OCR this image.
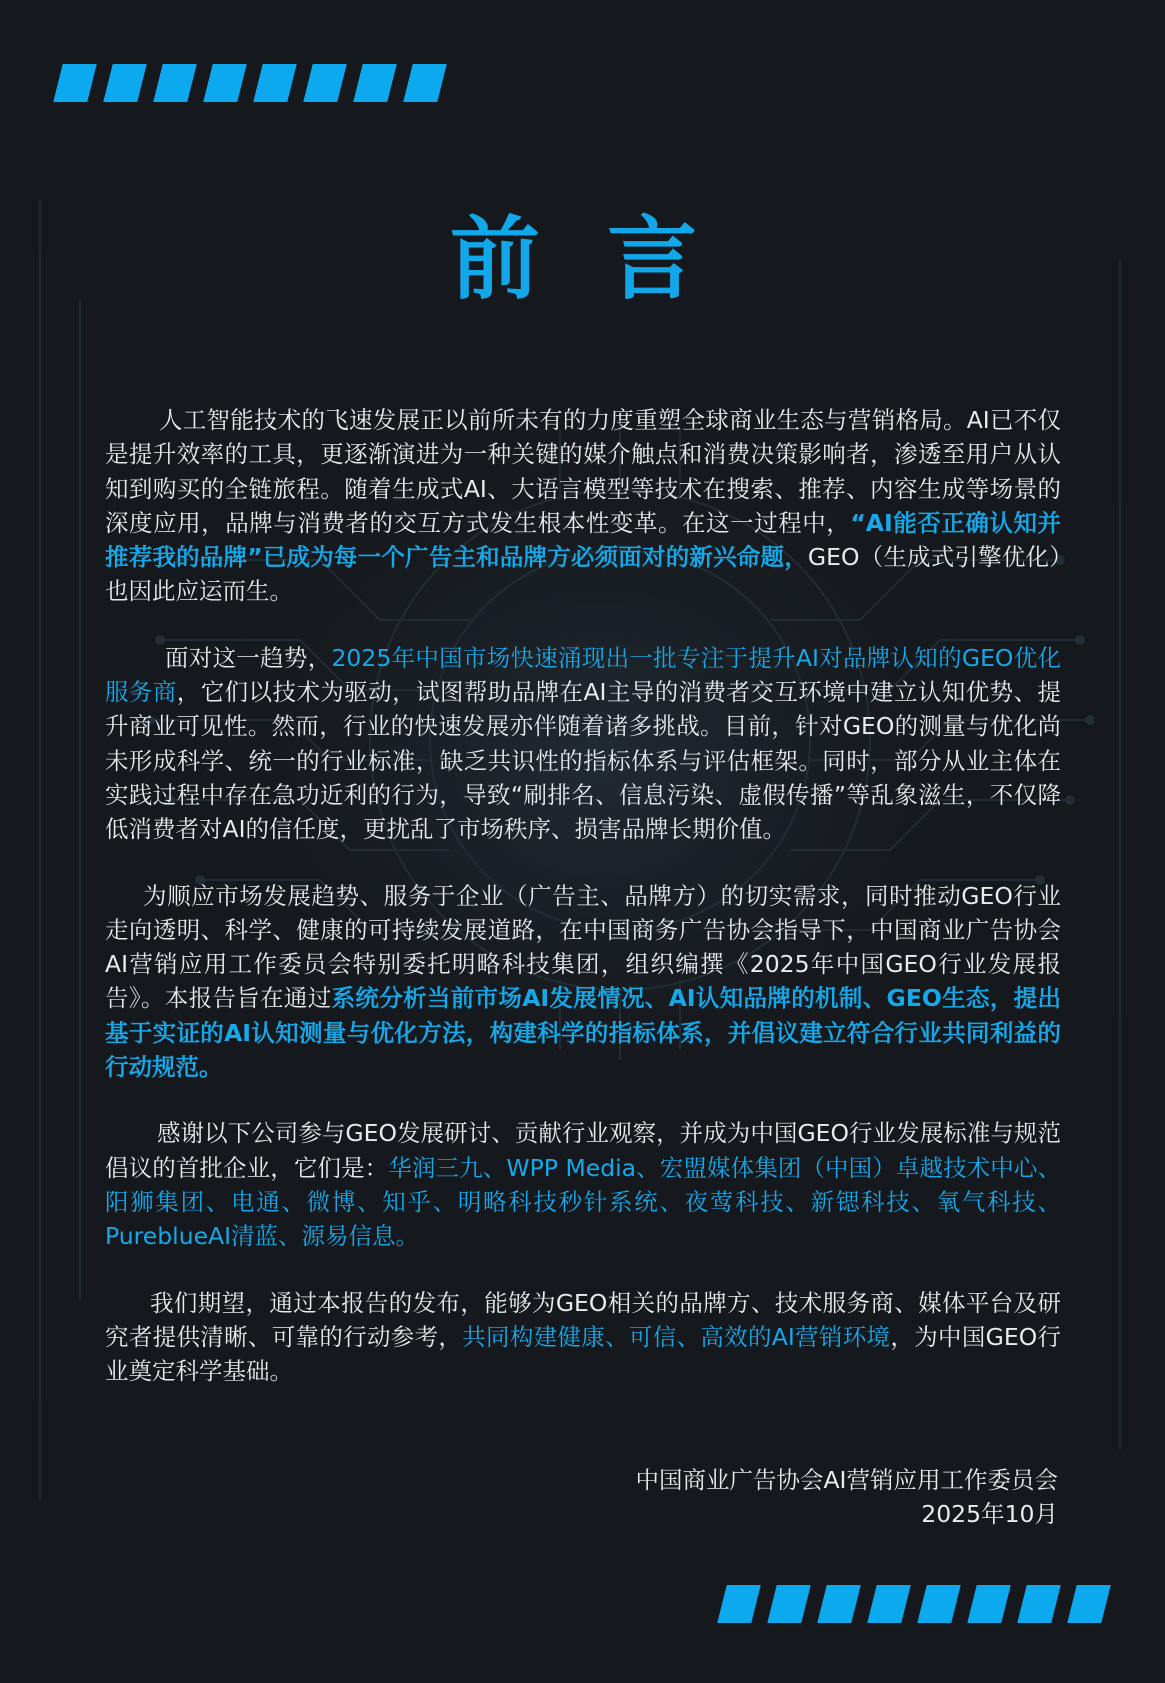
前 言

人工智能技术的飞速发展正以前所未有的力度重塑全球商业生态与营销格局。AI已不仅是提升效率的工具，更逐渐演进为一种关键的媒介触点和消费决策影响者，渗透至用户从认知到购买的全链旅程。随着生成式AI、大语言模型等技术在搜索、推荐、内容生成等场景的深度应用，品牌与消费者的交互方式发生根本性变革。在这一过程中，“AI能否正确认知并推荐我的品牌”已成为每一个广告主和品牌方必须面对的新兴命题，GEO（生成式引擎优化）也因此应运而生。

面对这一趋势，2025年中国市场快速涌现出一批专注于提升AI对品牌认知的GEO优化服务商，它们以技术为驱动，试图帮助品牌在AI主导的消费者交互环境中建立认知优势、提升商业可见性。然而，行业的快速发展亦伴随着诸多挑战。目前，针对GEO的测量与优化尚未形成科学、统一的行业标准，缺乏共识性的指标体系与评估框架。同时，部分从业主体在实践过程中存在急功近利的行为，导致“刷排名、信息污染、虚假传播”等乱象滋生，不仅降低消费者对AI的信任度，更扰乱了市场秩序、损害品牌长期价值。

为顺应市场发展趋势、服务于企业（广告主、品牌方）的切实需求，同时推动GEO行业走向透明、科学、健康的可持续发展道路，在中国商务广告协会指导下，中国商业广告协会AI营销应用工作委员会特别委托明略科技集团，组织编撰《2025年中国GEO行业发展报告》。本报告旨在通过系统分析当前市场AI发展情况、AI认知品牌的机制、GEO生态，提出基于实证的AI认知测量与优化方法，构建科学的指标体系，并倡议建立符合行业共同利益的行动规范。

感谢以下公司参与GEO发展研讨、贡献行业观察，并成为中国GEO行业发展标准与规范倡议的首批企业，它们是：华润三九、WPP Media、宏盟媒体集团（中国）卓越技术中心、阳狮集团、电通、微博、知乎、明略科技秒针系统、夜莺科技、新锶科技、氧气科技、PureblueAI清蓝、源易信息。

我们期望，通过本报告的发布，能够为GEO相关的品牌方、技术服务商、媒体平台及研究者提供清晰、可靠的行动参考，共同构建健康、可信、高效的AI营销环境，为中国GEO行业奠定科学基础。

中国商业广告协会AI营销应用工作委员会
2025年10月
